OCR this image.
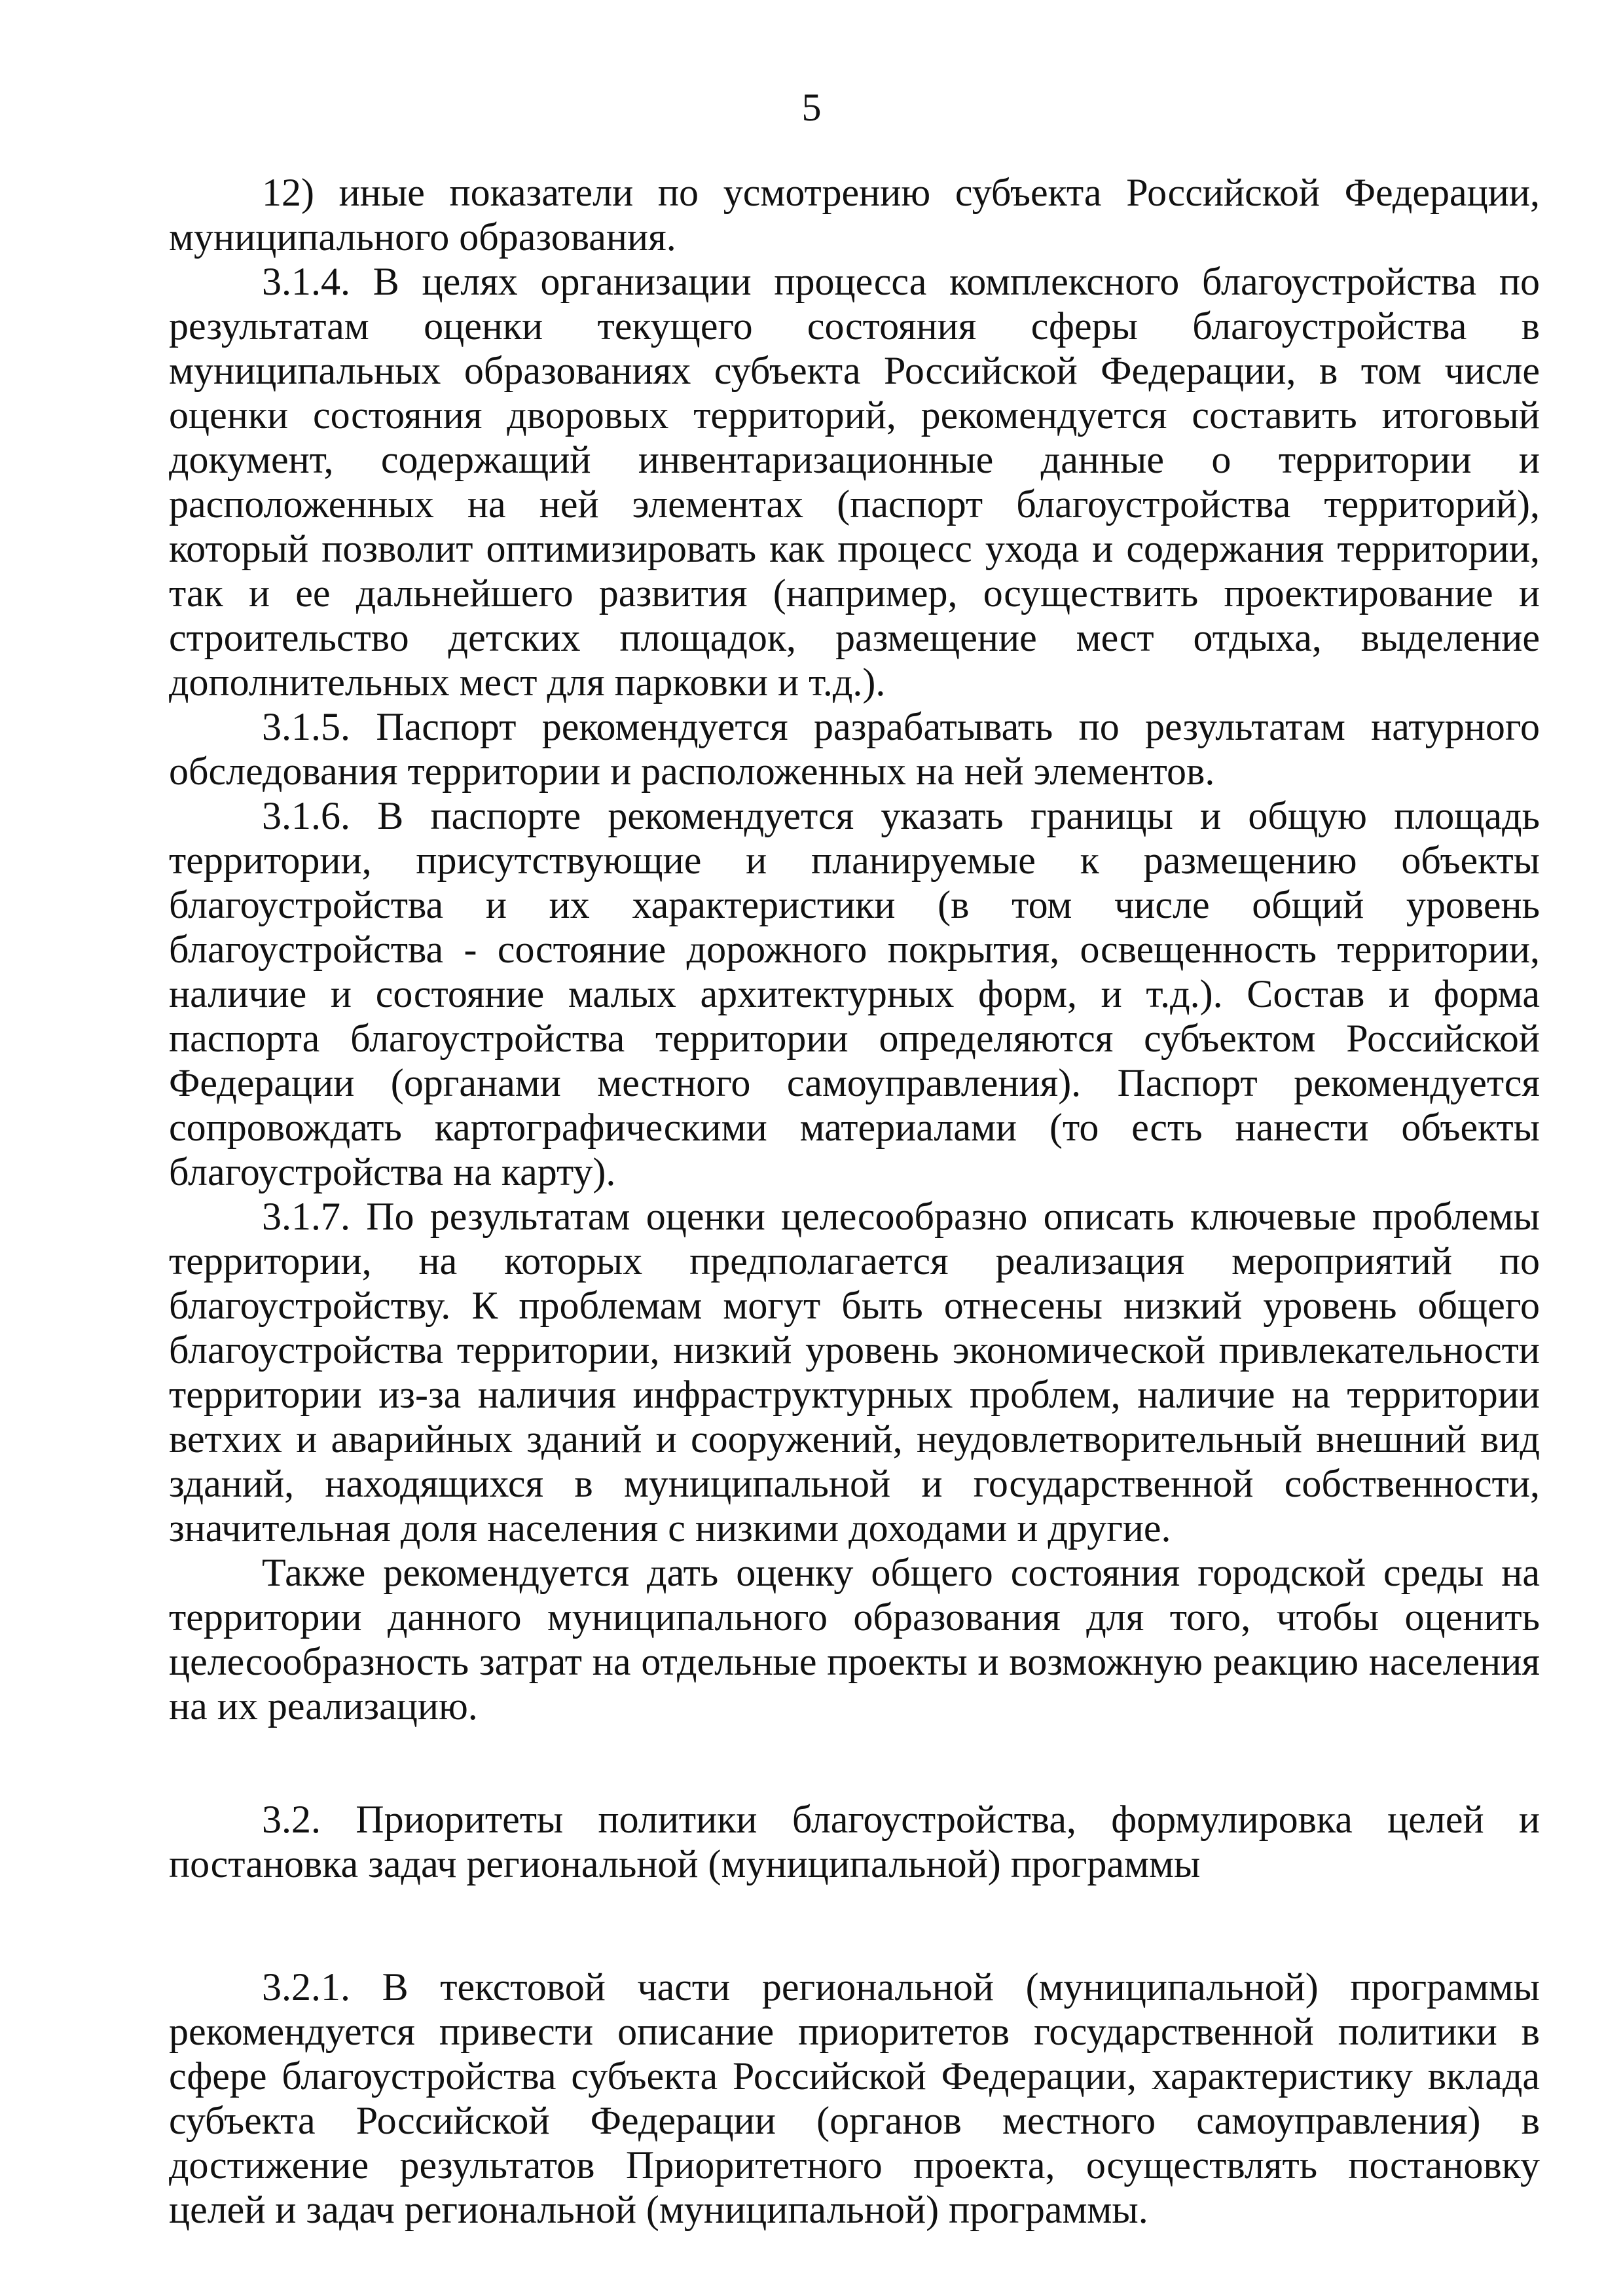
5

12) иные показатели по усмотрению субъекта Российской Федерации, муниципального образования.

3.1.4. В целях организации процесса комплексного благоустройства по результатам оценки текущего состояния сферы благоустройства в муниципальных образованиях субъекта Российской Федерации, в том числе оценки состояния дворовых территорий, рекомендуется составить итоговый документ, содержащий инвентаризационные данные о территории и расположенных на ней элементах (паспорт благоустройства территорий), который позволит оптимизировать как процесс ухода и содержания территории, так и ее дальнейшего развития (например, осуществить проектирование и строительство детских площадок, размещение мест отдыха, выделение дополнительных мест для парковки и т.д.).

3.1.5. Паспорт рекомендуется разрабатывать по результатам натурного обследования территории и расположенных на ней элементов.

3.1.6. В паспорте рекомендуется указать границы и общую площадь территории, присутствующие и планируемые к размещению объекты благоустройства и их характеристики (в том числе общий уровень благоустройства - состояние дорожного покрытия, освещенность территории, наличие и состояние малых архитектурных форм, и т.д.). Состав и форма паспорта благоустройства территории определяются субъектом Российской Федерации (органами местного самоуправления). Паспорт рекомендуется сопровождать картографическими материалами (то есть нанести объекты благоустройства на карту).

3.1.7. По результатам оценки целесообразно описать ключевые проблемы территории, на которых предполагается реализация мероприятий по благоустройству. К проблемам могут быть отнесены низкий уровень общего благоустройства территории, низкий уровень экономической привлекательности территории из-за наличия инфраструктурных проблем, наличие на территории ветхих и аварийных зданий и сооружений, неудовлетворительный внешний вид зданий, находящихся в муниципальной и государственной собственности, значительная доля населения с низкими доходами и другие.

Также рекомендуется дать оценку общего состояния городской среды на территории данного муниципального образования для того, чтобы оценить целесообразность затрат на отдельные проекты и возможную реакцию населения на их реализацию.

3.2. Приоритеты политики благоустройства, формулировка целей и постановка задач региональной (муниципальной) программы

3.2.1. В текстовой части региональной (муниципальной) программы рекомендуется привести описание приоритетов государственной политики в сфере благоустройства субъекта Российской Федерации, характеристику вклада субъекта Российской Федерации (органов местного самоуправления) в достижение результатов Приоритетного проекта, осуществлять постановку целей и задач региональной (муниципальной) программы.
